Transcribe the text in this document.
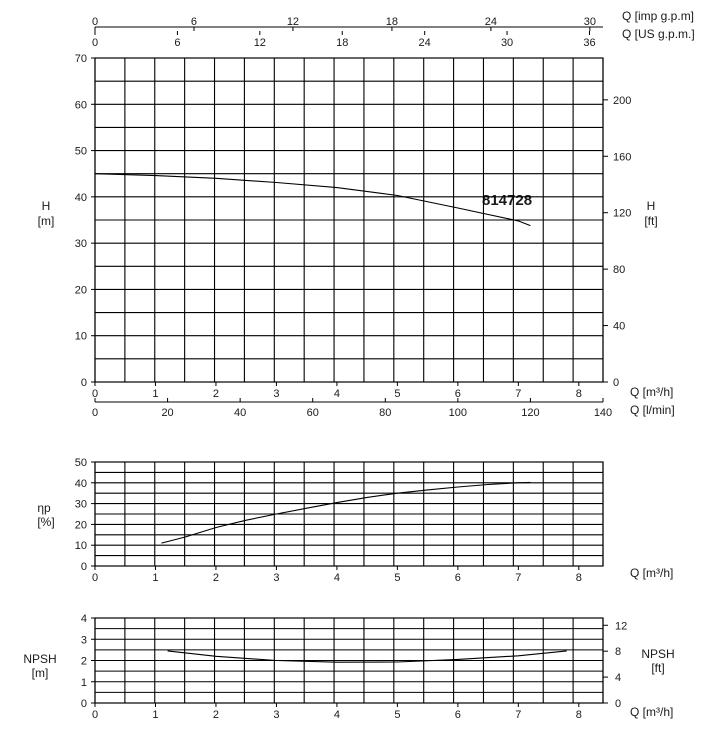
Q [imp g.p.m]
Q [US g.p.m.]
H
[m]
H
[ft]
Q [m³/h]
Q [l/min]
814728
ηp
[%]
Q [m³/h]
NPSH
[m]
NPSH
[ft]
Q [m³/h]
0
10
20
30
40
50
60
70
0	1	2	3	4	5	6	7	8
0
40
80
120
160
200
0	20	40	60	80	100	120	140
0	6	12	18	24	30
0	6	12	18	24	30	36
0
10
20
30
40
50
0	1	2	3	4	5	6	7	8
0
1
2
3
4
0	1	2	3	4	5	6	7	8
0
4
8
12
